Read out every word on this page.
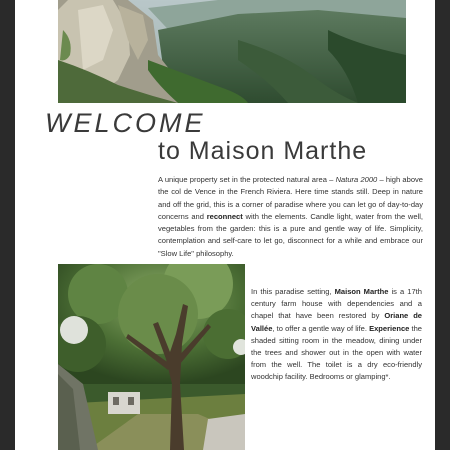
WELCOME
to Maison Marthe
A unique property set in the protected natural area – Natura 2000 – high above the col de Vence in the French Riviera. Here time stands still. Deep in nature and off the grid, this is a corner of paradise where you can let go of day-to-day concerns and reconnect with the elements. Candle light, water from the well, vegetables from the garden: this is a pure and gentle way of life. Simplicity, contemplation and self-care to let go, disconnect for a while and embrace our "Slow Life" philosophy.
In this paradise setting, Maison Marthe is a 17th century farm house with dependencies and a chapel that have been restored by Oriane de Vallée, to offer a gentle way of life. Experience the shaded sitting room in the meadow, dining under the trees and shower out in the open with water from the well. The toilet is a dry eco-friendly woodchip facility. Bedrooms or glamping*.
